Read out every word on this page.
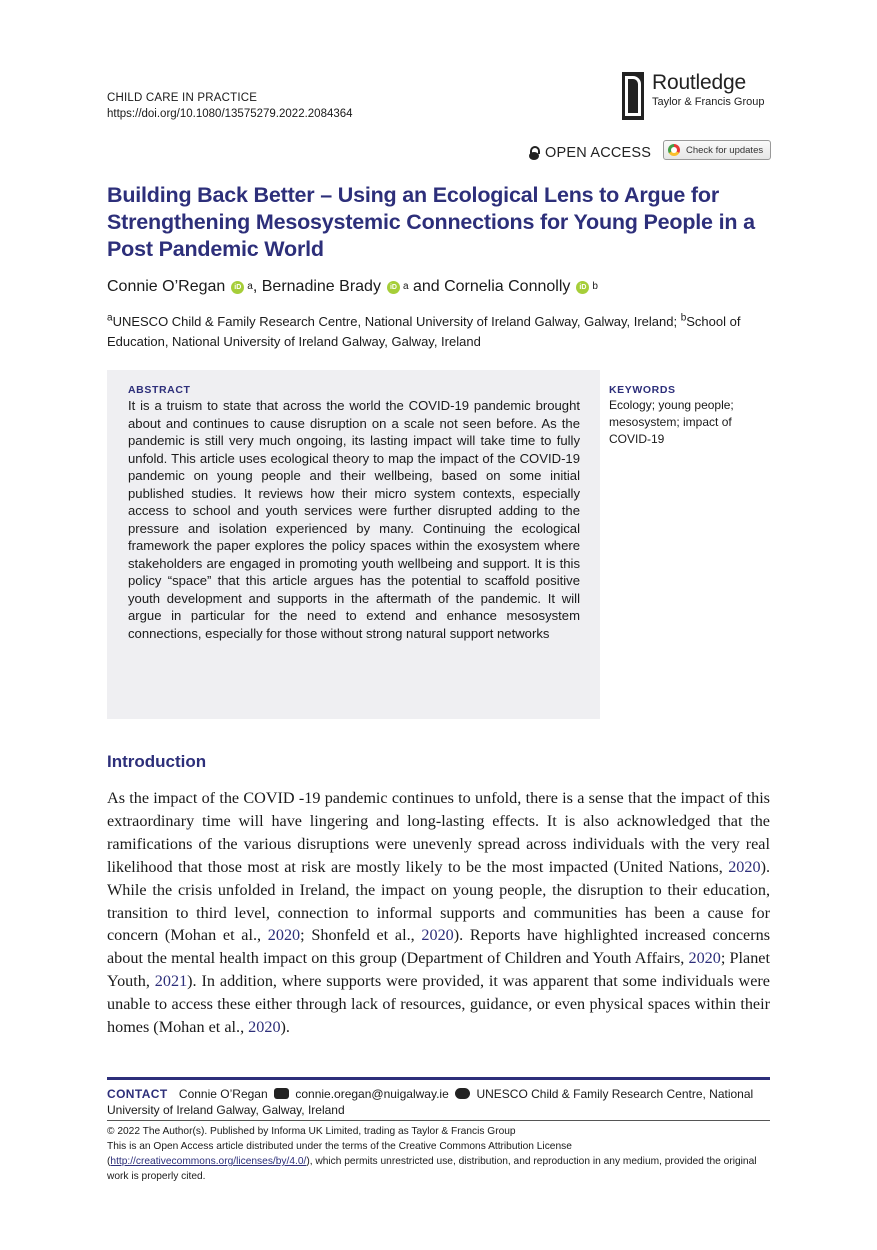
CHILD CARE IN PRACTICE
https://doi.org/10.1080/13575279.2022.2084364
Routledge
Taylor & Francis Group
OPEN ACCESS	Check for updates
Building Back Better – Using an Ecological Lens to Argue for Strengthening Mesosystemic Connections for Young People in a Post Pandemic World
Connie O’Regan	iD a , Bernadine Brady	iD a and Cornelia Connolly	iD b
$^a$UNESCO Child & Family Research Centre, National University of Ireland Galway, Galway, Ireland; $^b$School of Education, National University of Ireland Galway, Galway, Ireland
ABSTRACT

It is a truism to state that across the world the COVID-19 pandemic brought about and continues to cause disruption on a scale not seen before. As the pandemic is still very much ongoing, its lasting impact will take time to fully unfold. This article uses ecological theory to map the impact of the COVID-19 pandemic on young people and their wellbeing, based on some initial published studies. It reviews how their micro system contexts, especially access to school and youth services were further disrupted adding to the pressure and isolation experienced by many. Continuing the ecological framework the paper explores the policy spaces within the exosystem where stakeholders are engaged in promoting youth wellbeing and support. It is this policy “space” that this article argues has the potential to scaffold positive youth development and supports in the aftermath of the pandemic. It will argue in particular for the need to extend and enhance mesosystem connections, especially for those without strong natural support networks

KEYWORDS
Ecology; young people; mesosystem; impact of COVID-19
Introduction

As the impact of the COVID -19 pandemic continues to unfold, there is a sense that the impact of this extraordinary time will have lingering and long-lasting effects. It is also acknowledged that the ramifications of the various disruptions were unevenly spread across individuals with the very real likelihood that those most at risk are mostly likely to be the most impacted (United Nations, 2020). While the crisis unfolded in Ireland, the impact on young people, the disruption to their education, transition to third level, connection to informal supports and communities has been a cause for concern (Mohan et al., 2020; Shonfeld et al., 2020). Reports have highlighted increased concerns about the mental health impact on this group (Department of Children and Youth Affairs, 2020; Planet Youth, 2021). In addition, where supports were provided, it was apparent that some individuals were unable to access these either through lack of resources, guidance, or even physical spaces within their homes (Mohan et al., 2020).

CONTACT Connie O’Regan connie.oregan@nuigalway.ie UNESCO Child & Family Research Centre, National University of Ireland Galway, Galway, Ireland
© 2022 The Author(s). Published by Informa UK Limited, trading as Taylor & Francis Group
This is an Open Access article distributed under the terms of the Creative Commons Attribution License (http://creativecommons.org/licenses/by/4.0/), which permits unrestricted use, distribution, and reproduction in any medium, provided the original work is properly cited.
